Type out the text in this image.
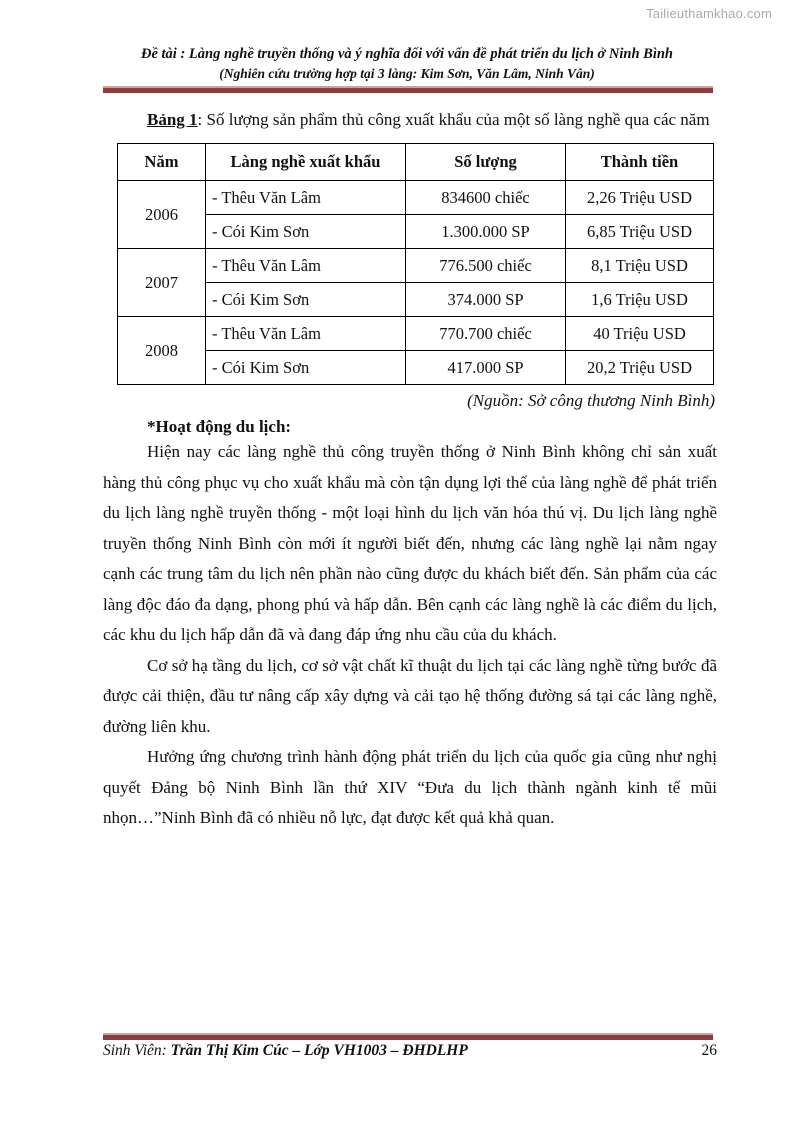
Tailieuthamkhao.com
Đề tài : Làng nghề truyền thống và ý nghĩa đối với vấn đề phát triển du lịch ở Ninh Bình
(Nghiên cứu trường hợp tại 3 làng: Kim Sơn, Văn Lâm, Ninh Vân)

Bảng 1: Số lượng sản phẩm thủ công xuất khẩu của một số làng nghề qua các năm

Năm	Làng nghề xuất khẩu	Số lượng	Thành tiền
2006	- Thêu Văn Lâm	834600 chiếc	2,26 Triệu USD
	- Cói Kim Sơn	1.300.000 SP	6,85 Triệu USD
2007	- Thêu Văn Lâm	776.500 chiếc	8,1 Triệu USD
	- Cói Kim Sơn	374.000 SP	1,6 Triệu USD
2008	- Thêu Văn Lâm	770.700 chiếc	40 Triệu USD
	- Cói Kim Sơn	417.000 SP	20,2 Triệu USD

(Nguồn: Sở công thương Ninh Bình)

*Hoạt động du lịch:

Hiện nay các làng nghề thủ công truyền thống ở Ninh Bình không chỉ sản xuất hàng thủ công phục vụ cho xuất khẩu mà còn tận dụng lợi thế của làng nghề để phát triển du lịch làng nghề truyền thống - một loại hình du lịch văn hóa thú vị. Du lịch làng nghề truyền thống Ninh Bình còn mới ít người biết đến, nhưng các làng nghề lại nằm ngay cạnh các trung tâm du lịch nên phần nào cũng được du khách biết đến. Sản phẩm của các làng độc đáo đa dạng, phong phú và hấp dẫn. Bên cạnh các làng nghề là các điểm du lịch, các khu du lịch hấp dẫn đã và đang đáp ứng nhu cầu của du khách.

Cơ sở hạ tầng du lịch, cơ sở vật chất kĩ thuật du lịch tại các làng nghề từng bước đã được cải thiện, đầu tư nâng cấp xây dựng và cải tạo hệ thống đường sá tại các làng nghề, đường liên khu.

Hưởng ứng chương trình hành động phát triển du lịch của quốc gia cũng như nghị quyết Đảng bộ Ninh Bình lần thứ XIV “Đưa du lịch thành ngành kinh tế mũi nhọn…”Ninh Bình đã có nhiều nỗ lực, đạt được kết quả khả quan.

Sinh Viên: Trần Thị Kim Cúc – Lớp VH1003 – ĐHDLHP	26
